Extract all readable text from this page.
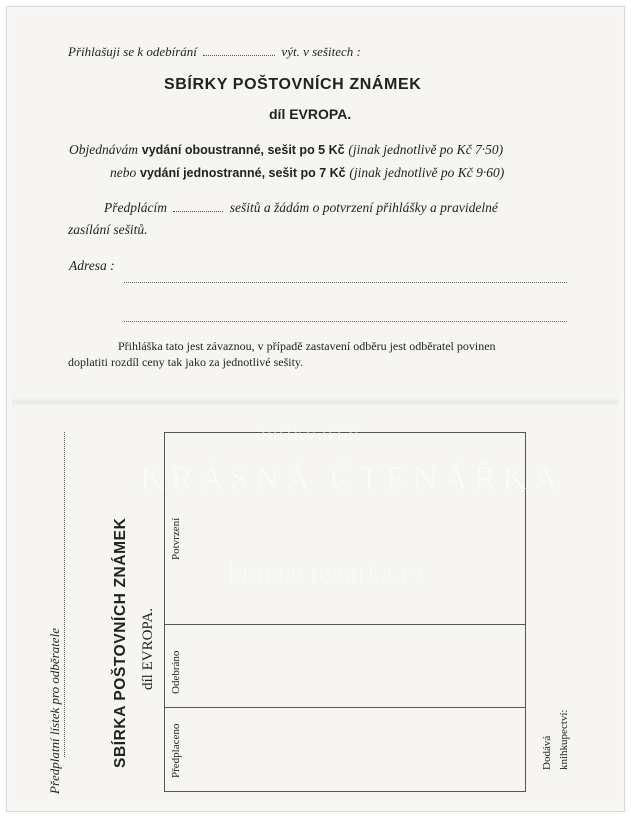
Přihlašuji se k odebírání	výt. v sešitech :
SBÍRKY POŠTOVNÍCH ZNÁMEK
díl EVROPA.
Objednávám vydání oboustranné, sešit po 5 Kč (jinak jednotlivě po Kč 7·50)
nebo vydání jednostranné, sešit po 7 Kč (jinak jednotlivě po Kč 9·60)
Předplácím	sešitů a žádám o potvrzení přihlášky a pravidelné
zasílání sešitů.
Adresa :
Přihláška tato jest závaznou, v případě zastavení odběru jest odběratel povinen
doplatiti rozdíl ceny tak jako za jednotlivé sešity.
Předplatní lístek pro odběratele	SBÍRKA POŠTOVNÍCH ZNÁMEK díl EVROPA.
Potvrzení
Odebráno
Předplaceno	Dodává knihkupectví:
antikvariát
KRÁSNÁ ČTENÁŘKA
kramactenarka.cz
